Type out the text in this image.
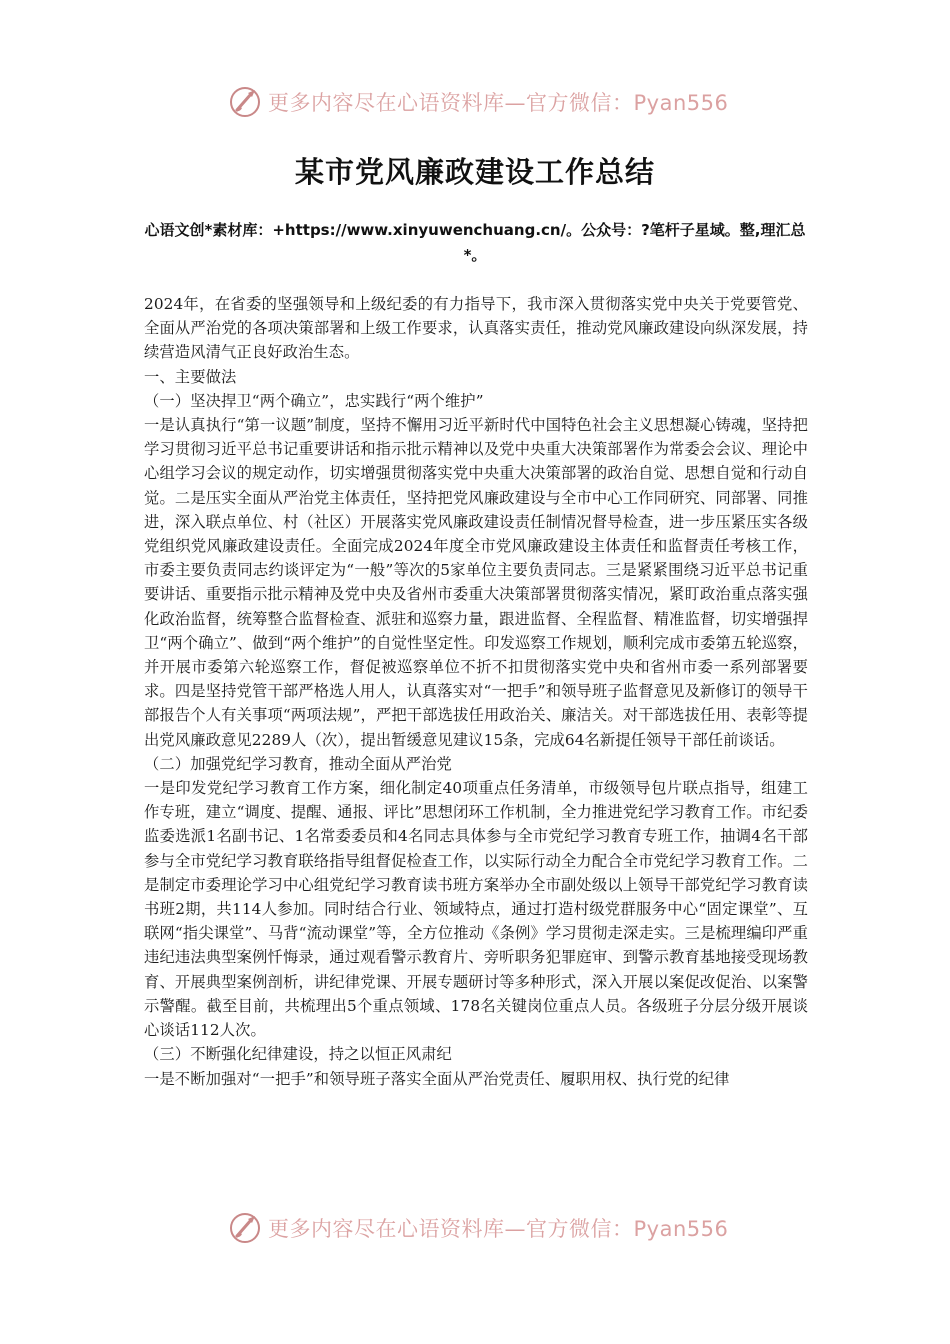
更多内容尽在心语资料库—官方微信：Pyan556
某市党风廉政建设工作总结

心语文创*素材库：+https://www.xinyuwenchuang.cn/。公众号：?笔杆子星域。整,理汇总*。

2024年，在省委的坚强领导和上级纪委的有力指导下，我市深入贯彻落实党中央关于党要管党、全面从严治党的各项决策部署和上级工作要求，认真落实责任，推动党风廉政建设向纵深发展，持续营造风清气正良好政治生态。

一、主要做法

（一）坚决捍卫“两个确立”，忠实践行“两个维护”

一是认真执行“第一议题”制度，坚持不懈用习近平新时代中国特色社会主义思想凝心铸魂，坚持把学习贯彻习近平总书记重要讲话和指示批示精神以及党中央重大决策部署作为常委会会议、理论中心组学习会议的规定动作，切实增强贯彻落实党中央重大决策部署的政治自觉、思想自觉和行动自觉。二是压实全面从严治党主体责任，坚持把党风廉政建设与全市中心工作同研究、同部署、同推进，深入联点单位、村（社区）开展落实党风廉政建设责任制情况督导检查，进一步压紧压实各级党组织党风廉政建设责任。全面完成2024年度全市党风廉政建设主体责任和监督责任考核工作，市委主要负责同志约谈评定为“一般”等次的5家单位主要负责同志。三是紧紧围绕习近平总书记重要讲话、重要指示批示精神及党中央及省州市委重大决策部署贯彻落实情况，紧盯政治重点落实强化政治监督，统筹整合监督检查、派驻和巡察力量，跟进监督、全程监督、精准监督，切实增强捍卫“两个确立”、做到“两个维护”的自觉性坚定性。印发巡察工作规划，顺利完成市委第五轮巡察，并开展市委第六轮巡察工作，督促被巡察单位不折不扣贯彻落实党中央和省州市委一系列部署要求。四是坚持党管干部严格选人用人，认真落实对“一把手”和领导班子监督意见及新修订的领导干部报告个人有关事项“两项法规”，严把干部选拔任用政治关、廉洁关。对干部选拔任用、表彰等提出党风廉政意见2289人（次），提出暂缓意见建议15条，完成64名新提任领导干部任前谈话。

（二）加强党纪学习教育，推动全面从严治党

一是印发党纪学习教育工作方案，细化制定40项重点任务清单，市级领导包片联点指导，组建工作专班，建立“调度、提醒、通报、评比”思想闭环工作机制，全力推进党纪学习教育工作。市纪委监委选派1名副书记、1名常委委员和4名同志具体参与全市党纪学习教育专班工作，抽调4名干部参与全市党纪学习教育联络指导组督促检查工作，以实际行动全力配合全市党纪学习教育工作。二是制定市委理论学习中心组党纪学习教育读书班方案举办全市副处级以上领导干部党纪学习教育读书班2期，共114人参加。同时结合行业、领域特点，通过打造村级党群服务中心“固定课堂”、互联网“指尖课堂”、马背“流动课堂”等，全方位推动《条例》学习贯彻走深走实。三是梳理编印严重违纪违法典型案例忏悔录，通过观看警示教育片、旁听职务犯罪庭审、到警示教育基地接受现场教育、开展典型案例剖析，讲纪律党课、开展专题研讨等多种形式，深入开展以案促改促治、以案警示警醒。截至目前，共梳理出5个重点领域、178名关键岗位重点人员。各级班子分层分级开展谈心谈话112人次。

（三）不断强化纪律建设，持之以恒正风肃纪

一是不断加强对“一把手”和领导班子落实全面从严治党责任、履职用权、执行党的纪律

更多内容尽在心语资料库—官方微信：Pyan556
